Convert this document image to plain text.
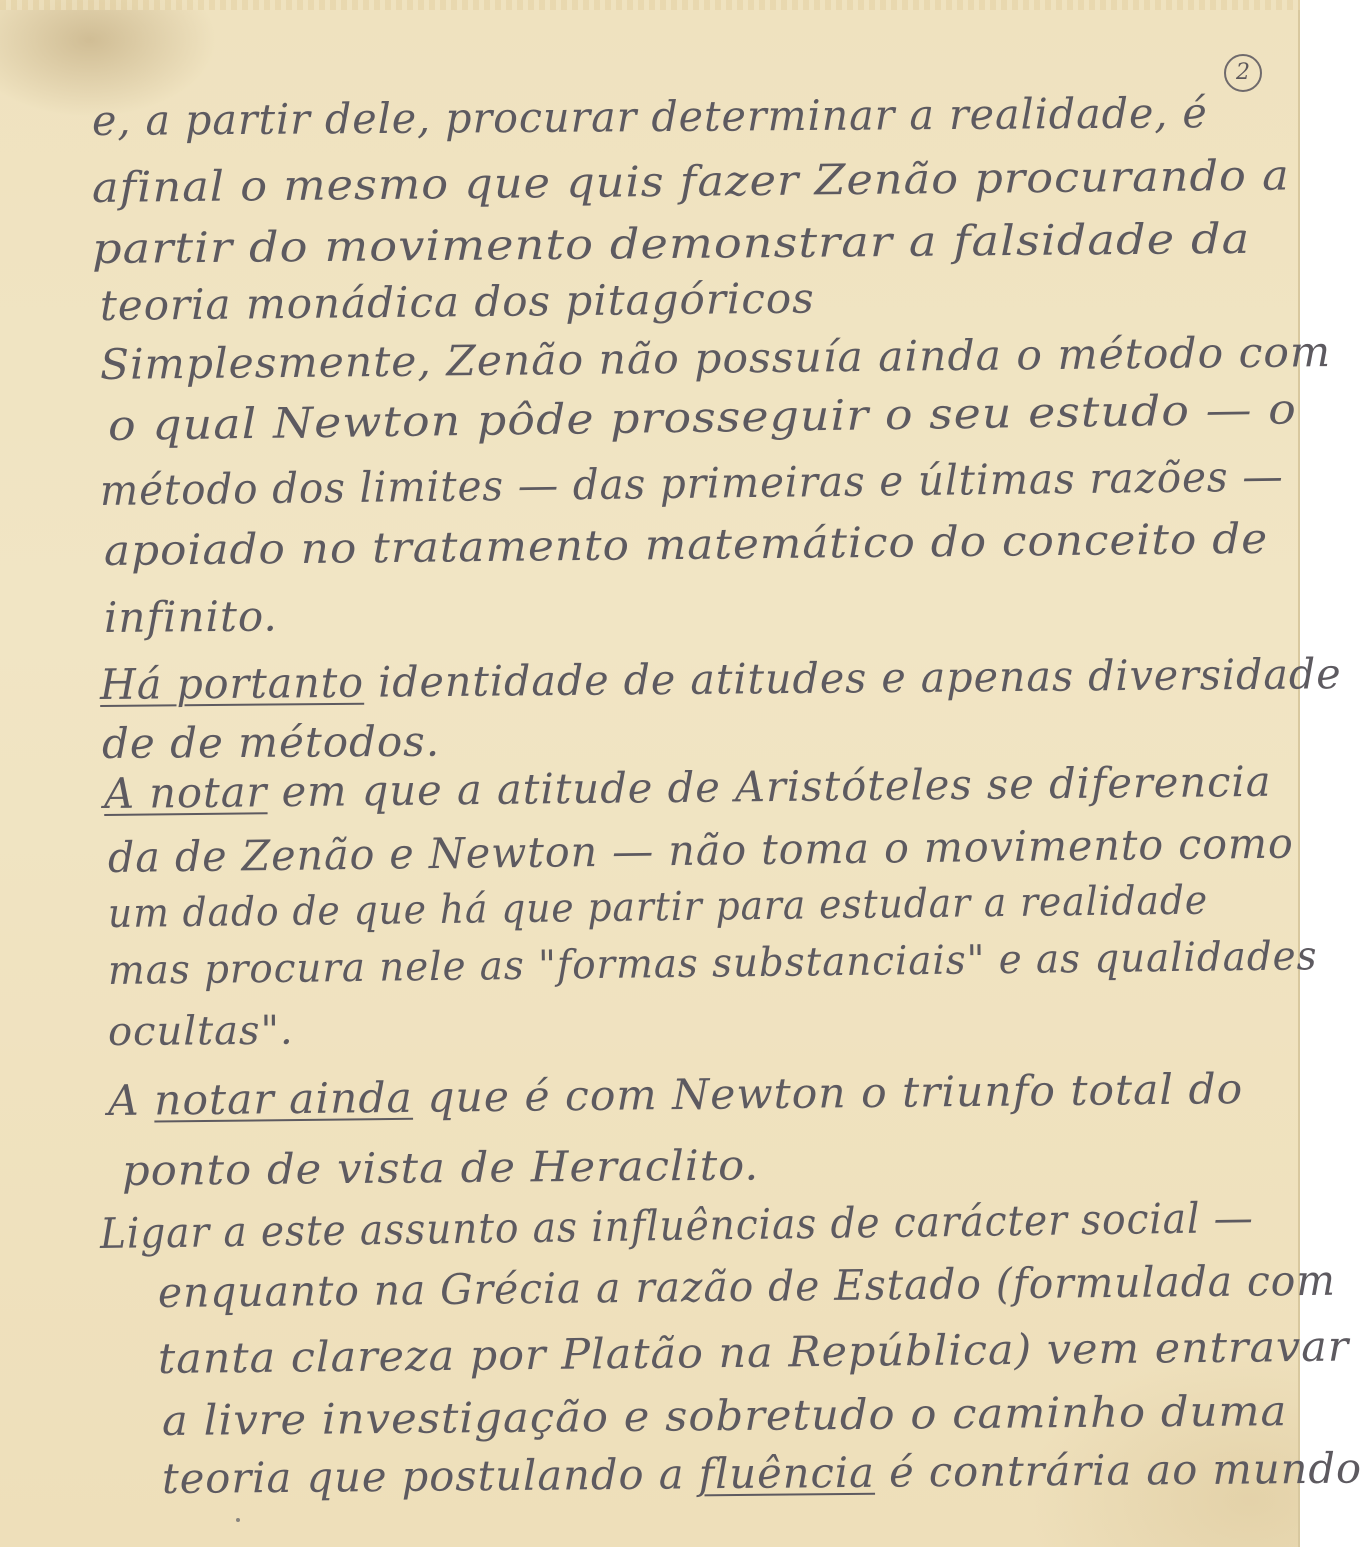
2
e, a partir dele, procurar determinar a realidade, é
afinal o mesmo que quis fazer Zenão procurando a
partir do movimento demonstrar a falsidade da
teoria monádica dos pitagóricos
Simplesmente, Zenão não possuía ainda o método com
o qual Newton pôde prosseguir o seu estudo — o
método dos limites — das primeiras e últimas razões —
apoiado no tratamento matemático do conceito de
infinito.
Há portanto identidade de atitudes e apenas diversidade
de de métodos.
A notar em que a atitude de Aristóteles se diferencia
da de Zenão e Newton — não toma o movimento como
um dado de que há que partir para estudar a realidade
mas procura nele as "formas substanciais" e as qualidades
ocultas".
A notar ainda que é com Newton o triunfo total do
ponto de vista de Heraclito.
Ligar a este assunto as influências de carácter social —
enquanto na Grécia a razão de Estado (formulada com
tanta clareza por Platão na República) vem entravar
a livre investigação e sobretudo o caminho duma
teoria que postulando a fluência é contrária ao mundo
